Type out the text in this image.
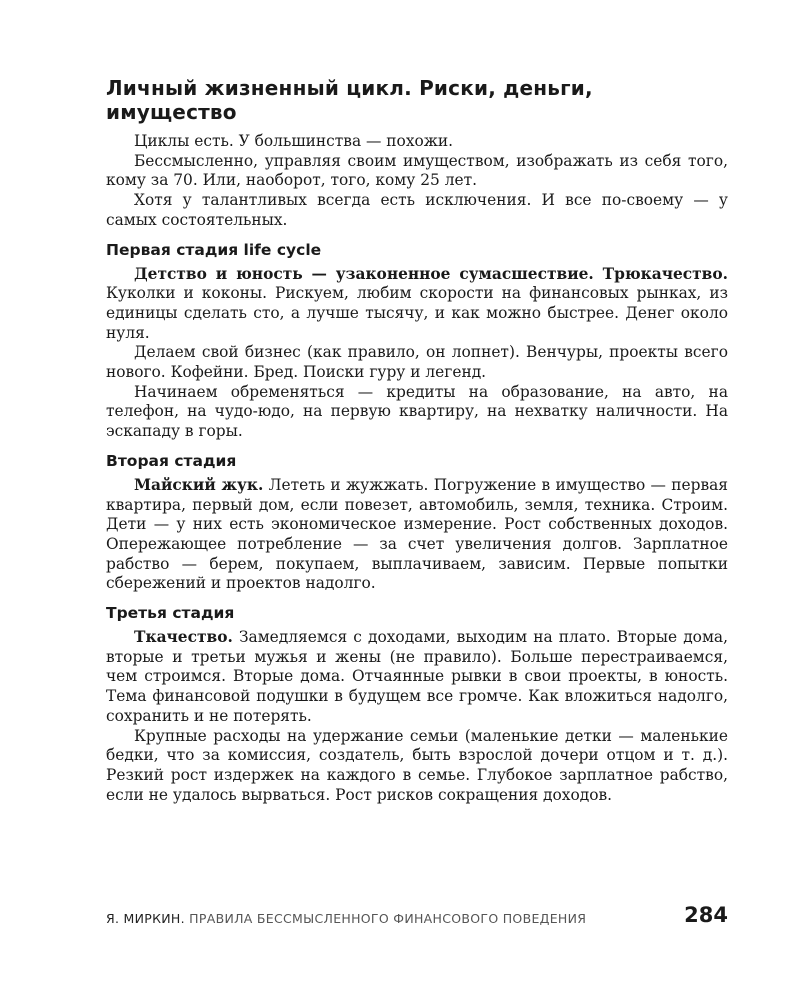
Личный жизненный цикл. Риски, деньги, имущество

Циклы есть. У большинства — похожи.

Бессмысленно, управляя своим имуществом, изображать из себя того, кому за 70. Или, наоборот, того, кому 25 лет.

Хотя у талантливых всегда есть исключения. И все по-своему — у самых состоятельных.

Первая стадия life cycle

Детство и юность — узаконенное сумасшествие. Трюкачество. Куколки и коконы. Рискуем, любим скорости на финансовых рынках, из единицы сделать сто, а лучше тысячу, и как можно быстрее. Денег около нуля.

Делаем свой бизнес (как правило, он лопнет). Венчуры, проекты всего нового. Кофейни. Бред. Поиски гуру и легенд.

Начинаем обременяться — кредиты на образование, на авто, на телефон, на чудо-юдо, на первую квартиру, на нехватку наличности. На эскападу в горы.

Вторая стадия

Майский жук. Лететь и жужжать. Погружение в имущество — первая квартира, первый дом, если повезет, автомобиль, земля, техника. Строим. Дети — у них есть экономическое измерение. Рост собственных доходов. Опережающее потребление — за счет увеличения долгов. Зарплатное рабство — берем, покупаем, выплачиваем, зависим. Первые попытки сбережений и проектов надолго.

Третья стадия

Ткачество. Замедляемся с доходами, выходим на плато. Вторые дома, вторые и третьи мужья и жены (не правило). Больше перестраиваемся, чем строимся. Вторые дома. Отчаянные рывки в свои проекты, в юность. Тема финансовой подушки в будущем все громче. Как вложиться надолго, сохранить и не потерять.

Крупные расходы на удержание семьи (маленькие детки — маленькие бедки, что за комиссия, создатель, быть взрослой дочери отцом и т. д.). Резкий рост издержек на каждого в семье. Глубокое зарплатное рабство, если не удалось вырваться. Рост рисков сокращения доходов.

Я. МИРКИН. ПРАВИЛА БЕССМЫСЛЕННОГО ФИНАНСОВОГО ПОВЕДЕНИЯ	284
